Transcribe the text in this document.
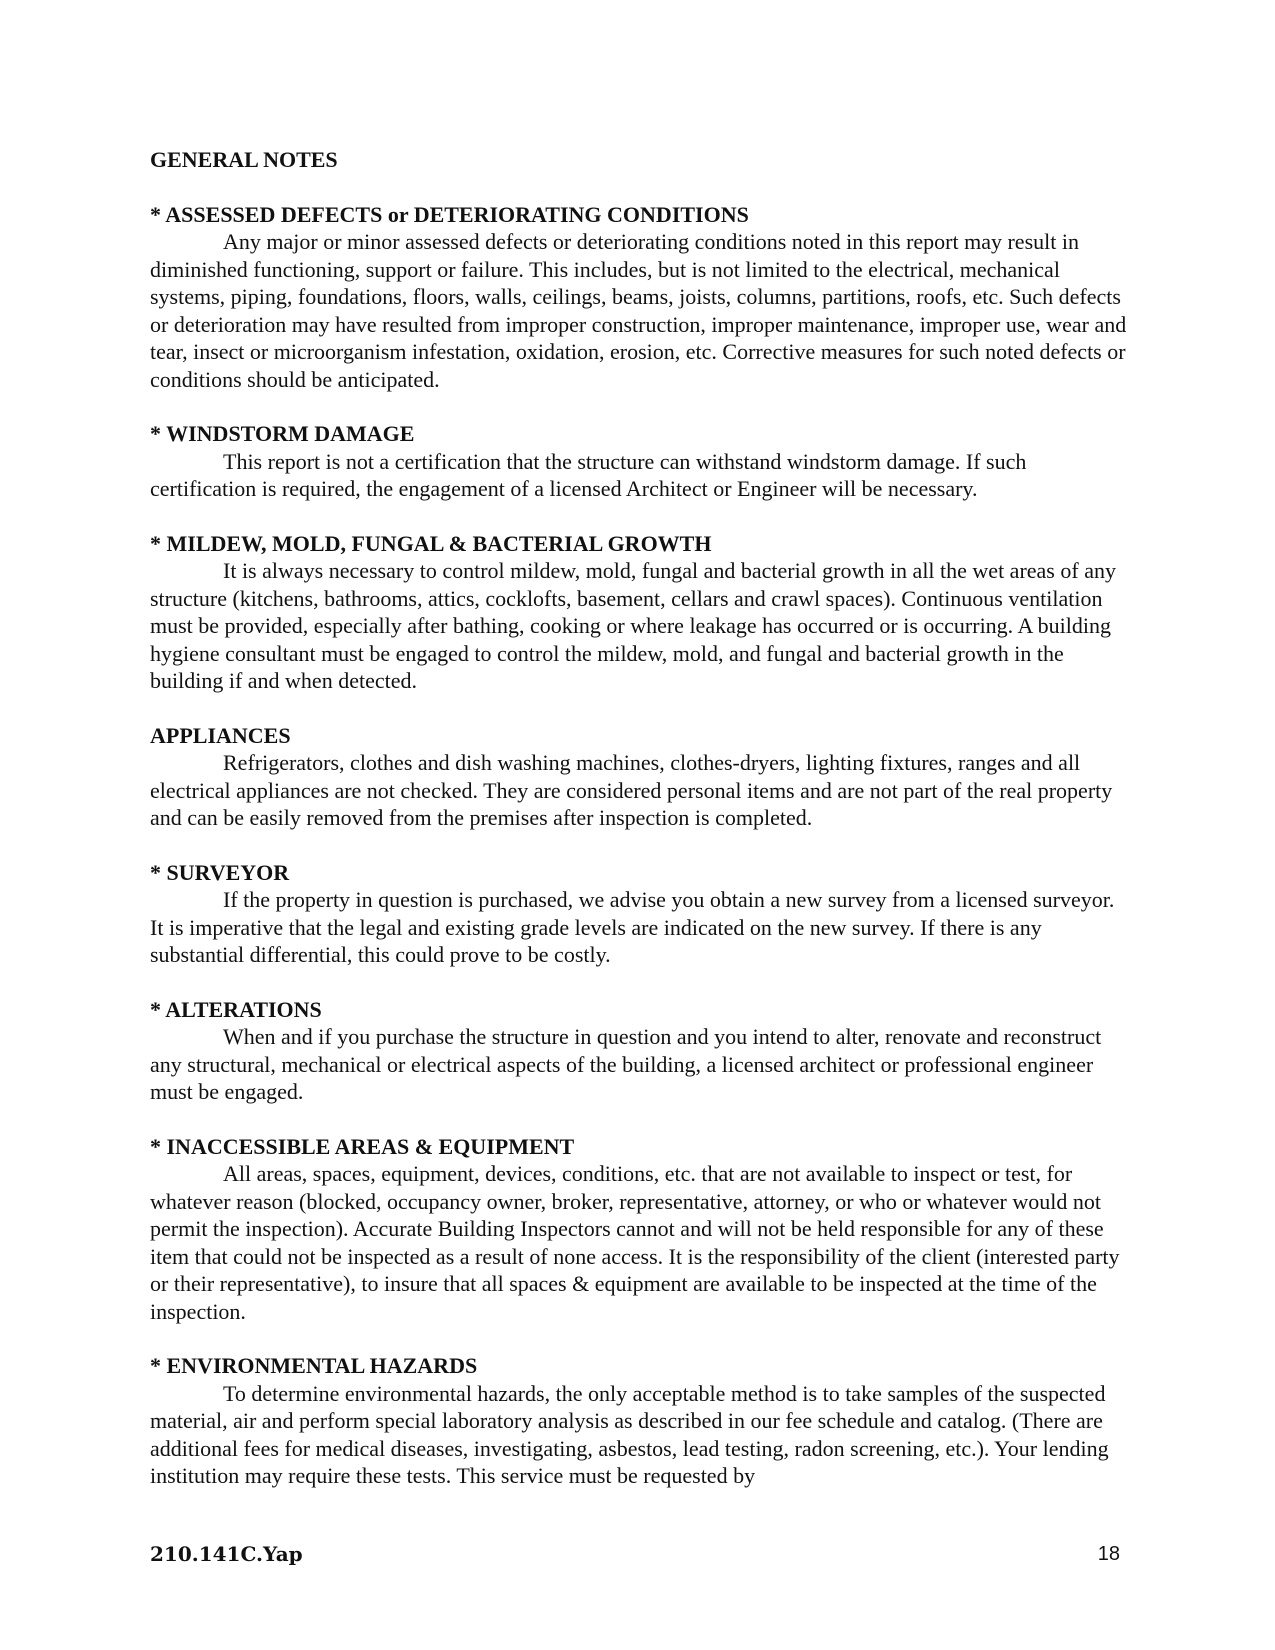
GENERAL NOTES
* ASSESSED DEFECTS or DETERIORATING CONDITIONS
Any major or minor assessed defects or deteriorating conditions noted in this report may result in diminished functioning, support or failure. This includes, but is not limited to the electrical, mechanical systems, piping, foundations, floors, walls, ceilings, beams, joists, columns, partitions, roofs, etc. Such defects or deterioration may have resulted from improper construction, improper maintenance, improper use, wear and tear, insect or microorganism infestation, oxidation, erosion, etc. Corrective measures for such noted defects or conditions should be anticipated.
* WINDSTORM DAMAGE
This report is not a certification that the structure can withstand windstorm damage. If such certification is required, the engagement of a licensed Architect or Engineer will be necessary.
* MILDEW, MOLD, FUNGAL & BACTERIAL GROWTH
It is always necessary to control mildew, mold, fungal and bacterial growth in all the wet areas of any structure (kitchens, bathrooms, attics, cocklofts, basement, cellars and crawl spaces). Continuous ventilation must be provided, especially after bathing, cooking or where leakage has occurred or is occurring. A building hygiene consultant must be engaged to control the mildew, mold, and fungal and bacterial growth in the building if and when detected.
APPLIANCES
Refrigerators, clothes and dish washing machines, clothes-dryers, lighting fixtures, ranges and all electrical appliances are not checked. They are considered personal items and are not part of the real property and can be easily removed from the premises after inspection is completed.
* SURVEYOR
If the property in question is purchased, we advise you obtain a new survey from a licensed surveyor. It is imperative that the legal and existing grade levels are indicated on the new survey. If there is any substantial differential, this could prove to be costly.
* ALTERATIONS
When and if you purchase the structure in question and you intend to alter, renovate and reconstruct any structural, mechanical or electrical aspects of the building, a licensed architect or professional engineer must be engaged.
* INACCESSIBLE AREAS & EQUIPMENT
All areas, spaces, equipment, devices, conditions, etc. that are not available to inspect or test, for whatever reason (blocked, occupancy owner, broker, representative, attorney, or who or whatever would not permit the inspection). Accurate Building Inspectors cannot and will not be held responsible for any of these item that could not be inspected as a result of none access. It is the responsibility of the client (interested party or their representative), to insure that all spaces & equipment are available to be inspected at the time of the inspection.
* ENVIRONMENTAL HAZARDS
To determine environmental hazards, the only acceptable method is to take samples of the suspected material, air and perform special laboratory analysis as described in our fee schedule and catalog. (There are additional fees for medical diseases, investigating, asbestos, lead testing, radon screening, etc.). Your lending institution may require these tests. This service must be requested by
210.141C.Yap	18
